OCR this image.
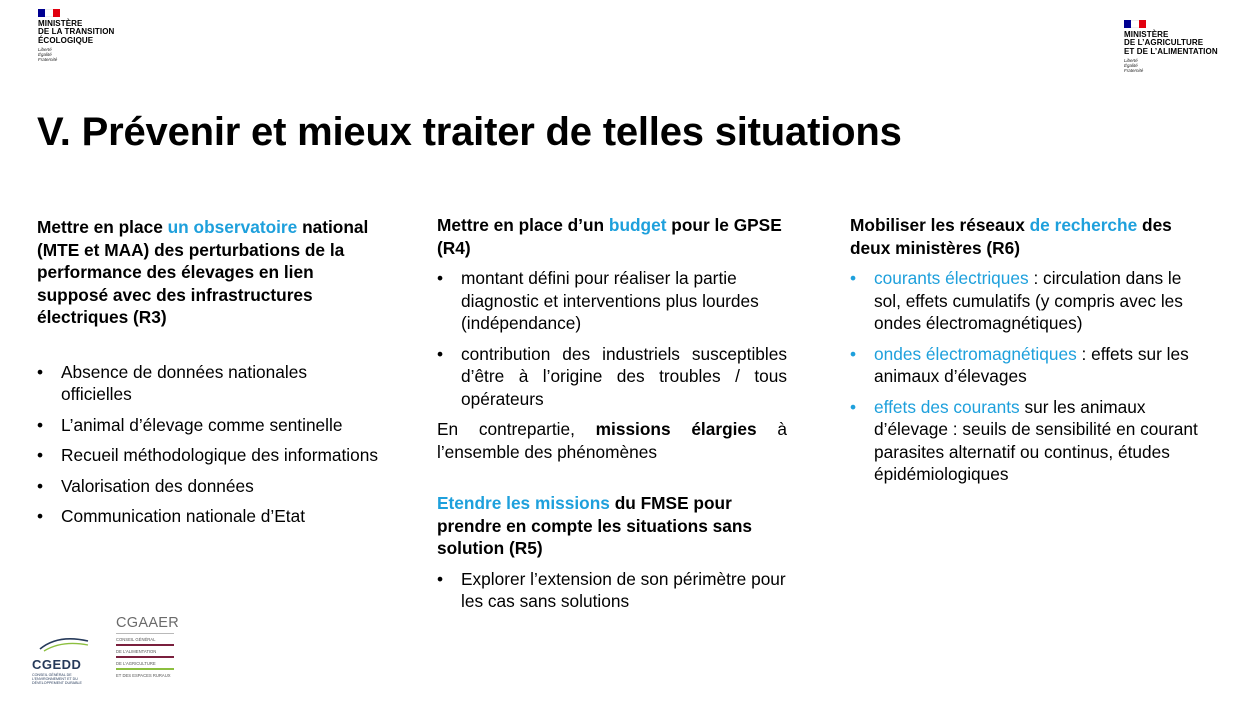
MINISTÈRE
DE LA TRANSITION
ÉCOLOGIQUE
Liberté
Égalité
Fraternité
MINISTÈRE
DE L’AGRICULTURE
ET DE L’ALIMENTATION
Liberté
Égalité
Fraternité
V. Prévenir et mieux traiter de telles situations

Mettre en place un observatoire national (MTE et MAA) des perturbations de la performance des élevages en lien supposé avec des infrastructures électriques (R3)

• Absence de données nationales officielles
• L’animal d’élevage comme sentinelle
• Recueil méthodologique des informations
• Valorisation des données
• Communication nationale d’Etat

Mettre en place d’un budget pour le GPSE (R4)

• montant défini pour réaliser la partie diagnostic et interventions plus lourdes (indépendance)
• contribution des industriels susceptibles d’être à l’origine des troubles / tous opérateurs

En contrepartie, missions élargies à l’ensemble des phénomènes

Etendre les missions du FMSE pour prendre en compte les situations sans solution (R5)

• Explorer l’extension de son périmètre pour les cas sans solutions

Mobiliser les réseaux de recherche des deux ministères (R6)

• courants électriques : circulation dans le sol, effets cumulatifs (y compris avec les ondes électromagnétiques)
• ondes électromagnétiques : effets sur les animaux d’élevages
• effets des courants sur les animaux d’élevage : seuils de sensibilité en courant parasites alternatif ou continus, études épidémiologiques
CGEDD
CONSEIL GÉNÉRAL DE
L’ENVIRONNEMENT ET DU
DÉVELOPPEMENT DURABLE
CGAAER
CONSEIL GÉNÉRAL
DE L’ALIMENTATION
DE L’AGRICULTURE
ET DES ESPACES RURAUX
